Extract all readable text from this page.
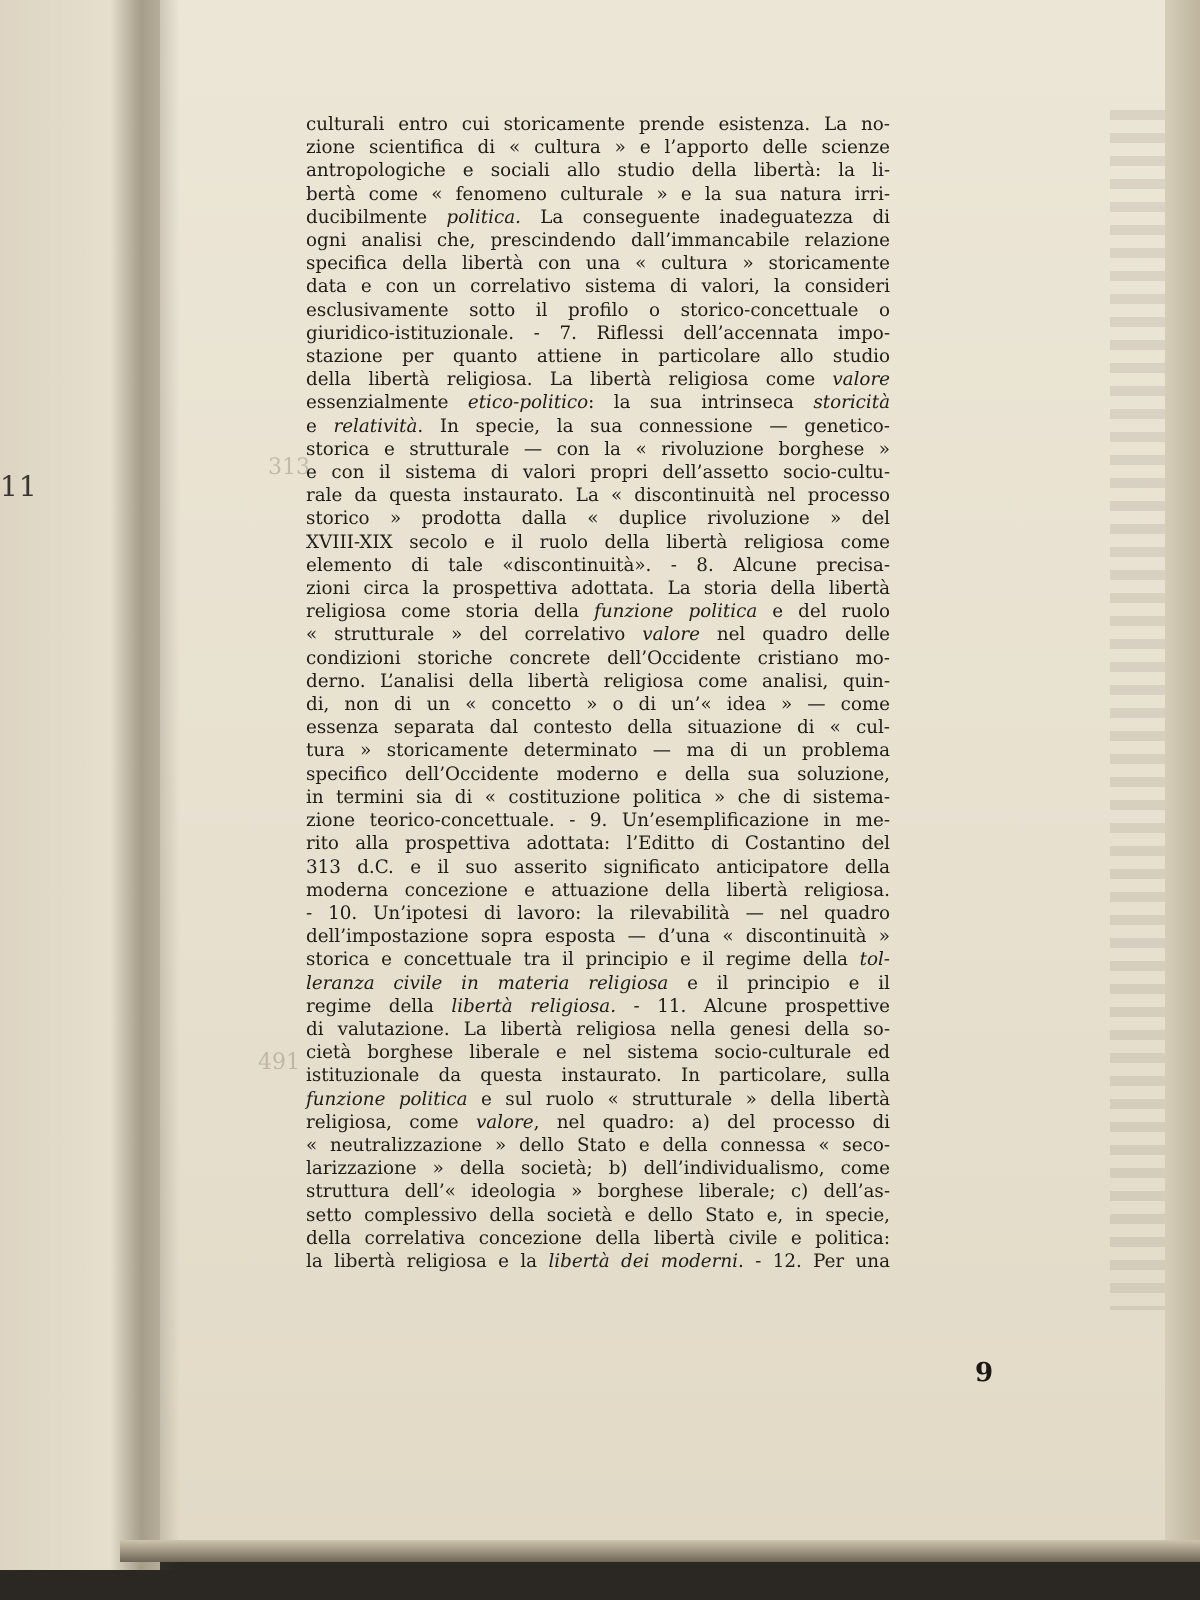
11
313
491
culturali entro cui storicamente prende esistenza. La no-
zione scientifica di « cultura » e l’apporto delle scienze
antropologiche e sociali allo studio della libertà: la li-
bertà come « fenomeno culturale » e la sua natura irri-
ducibilmente politica. La conseguente inadeguatezza di
ogni analisi che, prescindendo dall’immancabile relazione
specifica della libertà con una « cultura » storicamente
data e con un correlativo sistema di valori, la consideri
esclusivamente sotto il profilo o storico-concettuale o
giuridico-istituzionale. - 7. Riflessi dell’accennata impo-
stazione per quanto attiene in particolare allo studio
della libertà religiosa. La libertà religiosa come valore
essenzialmente etico-politico: la sua intrinseca storicità
e relatività. In specie, la sua connessione — genetico-
storica e strutturale — con la « rivoluzione borghese »
e con il sistema di valori propri dell’assetto socio-cultu-
rale da questa instaurato. La « discontinuità nel processo
storico » prodotta dalla « duplice rivoluzione » del
XVIII-XIX secolo e il ruolo della libertà religiosa come
elemento di tale «discontinuità». - 8. Alcune precisa-
zioni circa la prospettiva adottata. La storia della libertà
religiosa come storia della funzione politica e del ruolo
« strutturale » del correlativo valore nel quadro delle
condizioni storiche concrete dell’Occidente cristiano mo-
derno. L’analisi della libertà religiosa come analisi, quin-
di, non di un « concetto » o di un’« idea » — come
essenza separata dal contesto della situazione di « cul-
tura » storicamente determinato — ma di un problema
specifico dell’Occidente moderno e della sua soluzione,
in termini sia di « costituzione politica » che di sistema-
zione teorico-concettuale. - 9. Un’esemplificazione in me-
rito alla prospettiva adottata: l’Editto di Costantino del
313 d.C. e il suo asserito significato anticipatore della
moderna concezione e attuazione della libertà religiosa.
- 10. Un’ipotesi di lavoro: la rilevabilità — nel quadro
dell’impostazione sopra esposta — d’una « discontinuità »
storica e concettuale tra il principio e il regime della tol-
leranza civile in materia religiosa e il principio e il
regime della libertà religiosa. - 11. Alcune prospettive
di valutazione. La libertà religiosa nella genesi della so-
cietà borghese liberale e nel sistema socio-culturale ed
istituzionale da questa instaurato. In particolare, sulla
funzione politica e sul ruolo « strutturale » della libertà
religiosa, come valore, nel quadro: a) del processo di
« neutralizzazione » dello Stato e della connessa « seco-
larizzazione » della società; b) dell’individualismo, come
struttura dell’« ideologia » borghese liberale; c) dell’as-
setto complessivo della società e dello Stato e, in specie,
della correlativa concezione della libertà civile e politica:
la libertà religiosa e la libertà dei moderni. - 12. Per una
9
